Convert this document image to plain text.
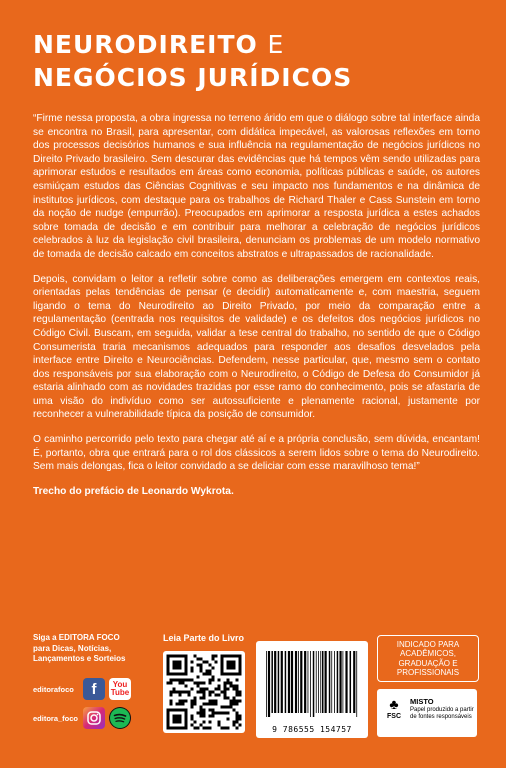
NEURODIREITO E
NEGÓCIOS JURÍDICOS

“Firme nessa proposta, a obra ingressa no terreno árido em que o diálogo sobre tal interface ainda se encontra no Brasil, para apresentar, com didática impecável, as valorosas reflexões em torno dos processos decisórios humanos e sua influência na regulamentação de negócios jurídicos no Direito Privado brasileiro. Sem descurar das evidências que há tempos vêm sendo utilizadas para aprimorar estudos e resultados em áreas como economia, políticas públicas e saúde, os autores esmiúçam estudos das Ciências Cognitivas e seu impacto nos fundamentos e na dinâmica de institutos jurídicos, com destaque para os trabalhos de Richard Thaler e Cass Sunstein em torno da noção de nudge (empurrão). Preocupados em aprimorar a resposta jurídica a estes achados sobre tomada de decisão e em contribuir para melhorar a celebração de negócios jurídicos celebrados à luz da legislação civil brasileira, denunciam os problemas de um modelo normativo de tomada de decisão calcado em conceitos abstratos e ultrapassados de racionalidade.

Depois, convidam o leitor a refletir sobre como as deliberações emergem em contextos reais, orientadas pelas tendências de pensar (e decidir) automaticamente e, com maestria, seguem ligando o tema do Neurodireito ao Direito Privado, por meio da comparação entre a regulamentação (centrada nos requisitos de validade) e os defeitos dos negócios jurídicos no Código Civil. Buscam, em seguida, validar a tese central do trabalho, no sentido de que o Código Consumerista traria mecanismos adequados para responder aos desafios desvelados pela interface entre Direito e Neurociências. Defendem, nesse particular, que, mesmo sem o contato dos responsáveis por sua elaboração com o Neurodireito, o Código de Defesa do Consumidor já estaria alinhado com as novidades trazidas por esse ramo do conhecimento, pois se afastaria de uma visão do indivíduo como ser autossuficiente e plenamente racional, justamente por reconhecer a vulnerabilidade típica da posição de consumidor.

O caminho percorrido pelo texto para chegar até aí e a própria conclusão, sem dúvida, encantam! É, portanto, obra que entrará para o rol dos clássicos a serem lidos sobre o tema do Neurodireito. Sem mais delongas, fica o leitor convidado a se deliciar com esse maravilhoso tema!”

Trecho do prefácio de Leonardo Wykrota.

Siga a EDITORA FOCO
para Dicas, Notícias,
Lançamentos e Sorteios
editorafoco	f	You
Tube
editora_foco
Leia Parte do Livro
9 786555 154757
INDICADO PARA
ACADÊMICOS,
GRADUAÇÃO E
PROFISSIONAIS
♣
FSC
MISTO
Papel produzido a partir de fontes responsáveis
